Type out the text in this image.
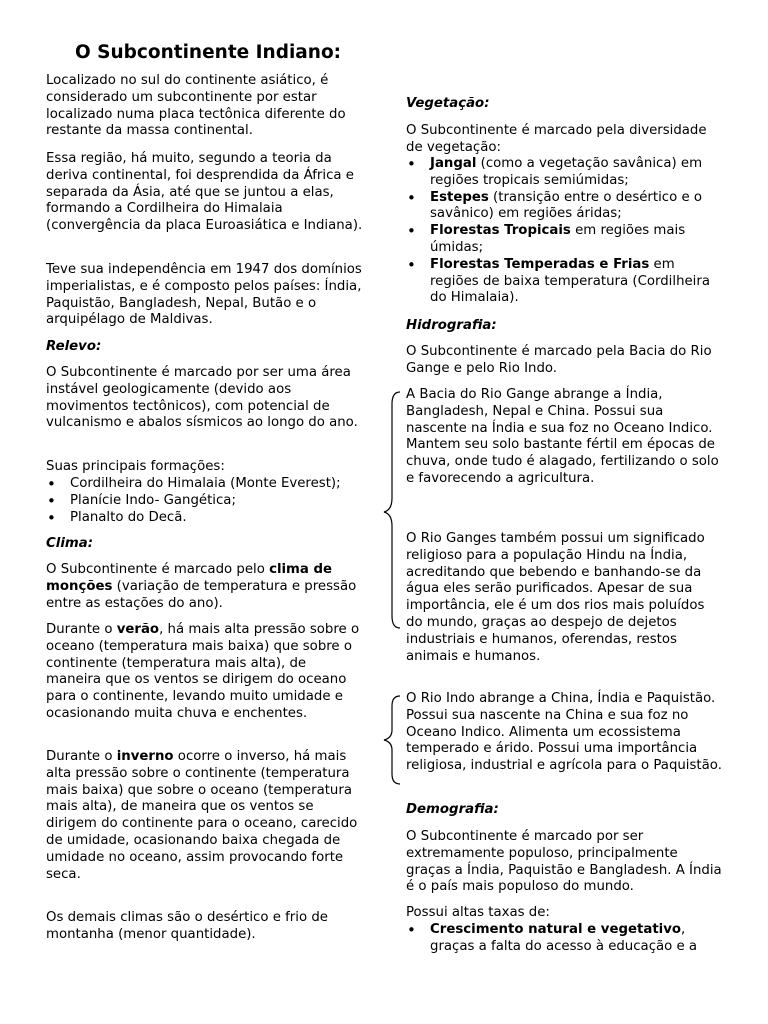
O Subcontinente Indiano:

Localizado no sul do continente asiático, é considerado um subcontinente por estar localizado numa placa tectônica diferente do restante da massa continental.

Essa região, há muito, segundo a teoria da deriva continental, foi desprendida da África e separada da Ásia, até que se juntou a elas, formando a Cordilheira do Himalaia (convergência da placa Euroasiática e Indiana).

Teve sua independência em 1947 dos domínios imperialistas, e é composto pelos países: Índia, Paquistão, Bangladesh, Nepal, Butão e o arquipélago de Maldivas.

Relevo:

O Subcontinente é marcado por ser uma área instável geologicamente (devido aos movimentos tectônicos), com potencial de vulcanismo e abalos sísmicos ao longo do ano.

Suas principais formações:

• Cordilheira do Himalaia (Monte Everest);
• Planície Indo- Gangética;
• Planalto do Decã.

Clima:

O Subcontinente é marcado pelo clima de monções (variação de temperatura e pressão entre as estações do ano).

Durante o verão, há mais alta pressão sobre o oceano (temperatura mais baixa) que sobre o continente (temperatura mais alta), de maneira que os ventos se dirigem do oceano para o continente, levando muito umidade e ocasionando muita chuva e enchentes.

Durante o inverno ocorre o inverso, há mais alta pressão sobre o continente (temperatura mais baixa) que sobre o oceano (temperatura mais alta), de maneira que os ventos se dirigem do continente para o oceano, carecido de umidade, ocasionando baixa chegada de umidade no oceano, assim provocando forte seca.

Os demais climas são o desértico e frio de montanha (menor quantidade).

Vegetação:

O Subcontinente é marcado pela diversidade de vegetação:

• Jangal (como a vegetação savânica) em regiões tropicais semiúmidas;
• Estepes (transição entre o desértico e o savânico) em regiões áridas;
• Florestas Tropicais em regiões mais úmidas;
• Florestas Temperadas e Frias em regiões de baixa temperatura (Cordilheira do Himalaia).

Hidrografia:

O Subcontinente é marcado pela Bacia do Rio Gange e pelo Rio Indo.

A Bacia do Rio Gange abrange a Índia, Bangladesh, Nepal e China. Possui sua nascente na Índia e sua foz no Oceano Indico. Mantem seu solo bastante fértil em épocas de chuva, onde tudo é alagado, fertilizando o solo e favorecendo a agricultura.

O Rio Ganges também possui um significado religioso para a população Hindu na Índia, acreditando que bebendo e banhando-se da água eles serão purificados. Apesar de sua importância, ele é um dos rios mais poluídos do mundo, graças ao despejo de dejetos industriais e humanos, oferendas, restos animais e humanos.

O Rio Indo abrange a China, Índia e Paquistão. Possui sua nascente na China e sua foz no Oceano Indico. Alimenta um ecossistema temperado e árido. Possui uma importância religiosa, industrial e agrícola para o Paquistão.

Demografia:

O Subcontinente é marcado por ser extremamente populoso, principalmente graças a Índia, Paquistão e Bangladesh. A Índia é o país mais populoso do mundo.

Possui altas taxas de:

• Crescimento natural e vegetativo, graças a falta do acesso à educação e a
